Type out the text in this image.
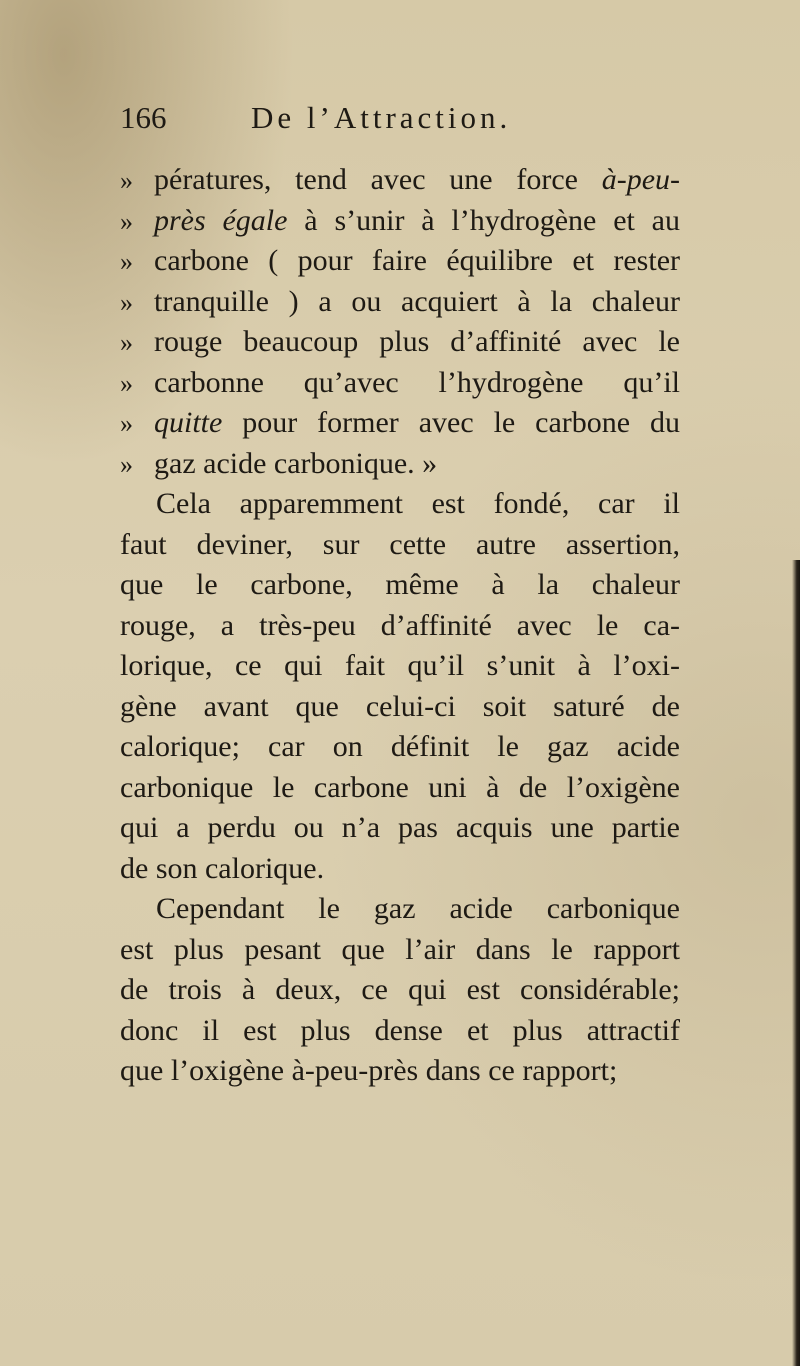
166	De l’Attraction.
» pératures, tend avec une force à-peu-
» près égale à s’unir à l’hydrogène et au
» carbone ( pour faire équilibre et rester
» tranquille ) a ou acquiert à la chaleur
» rouge beaucoup plus d’affinité avec le
» carbonne qu’avec l’hydrogène qu’il
» quitte pour former avec le carbone du
» gaz acide carbonique. »
Cela apparemment est fondé, car il
faut deviner, sur cette autre assertion,
que le carbone, même à la chaleur
rouge, a très-peu d’affinité avec le ca-
lorique, ce qui fait qu’il s’unit à l’oxi-
gène avant que celui-ci soit saturé de
calorique; car on définit le gaz acide
carbonique le carbone uni à de l’oxigène
qui a perdu ou n’a pas acquis une partie
de son calorique.
Cependant le gaz acide carbonique
est plus pesant que l’air dans le rapport
de trois à deux, ce qui est considérable;
donc il est plus dense et plus attractif
que l’oxigène à-peu-près dans ce rapport;
